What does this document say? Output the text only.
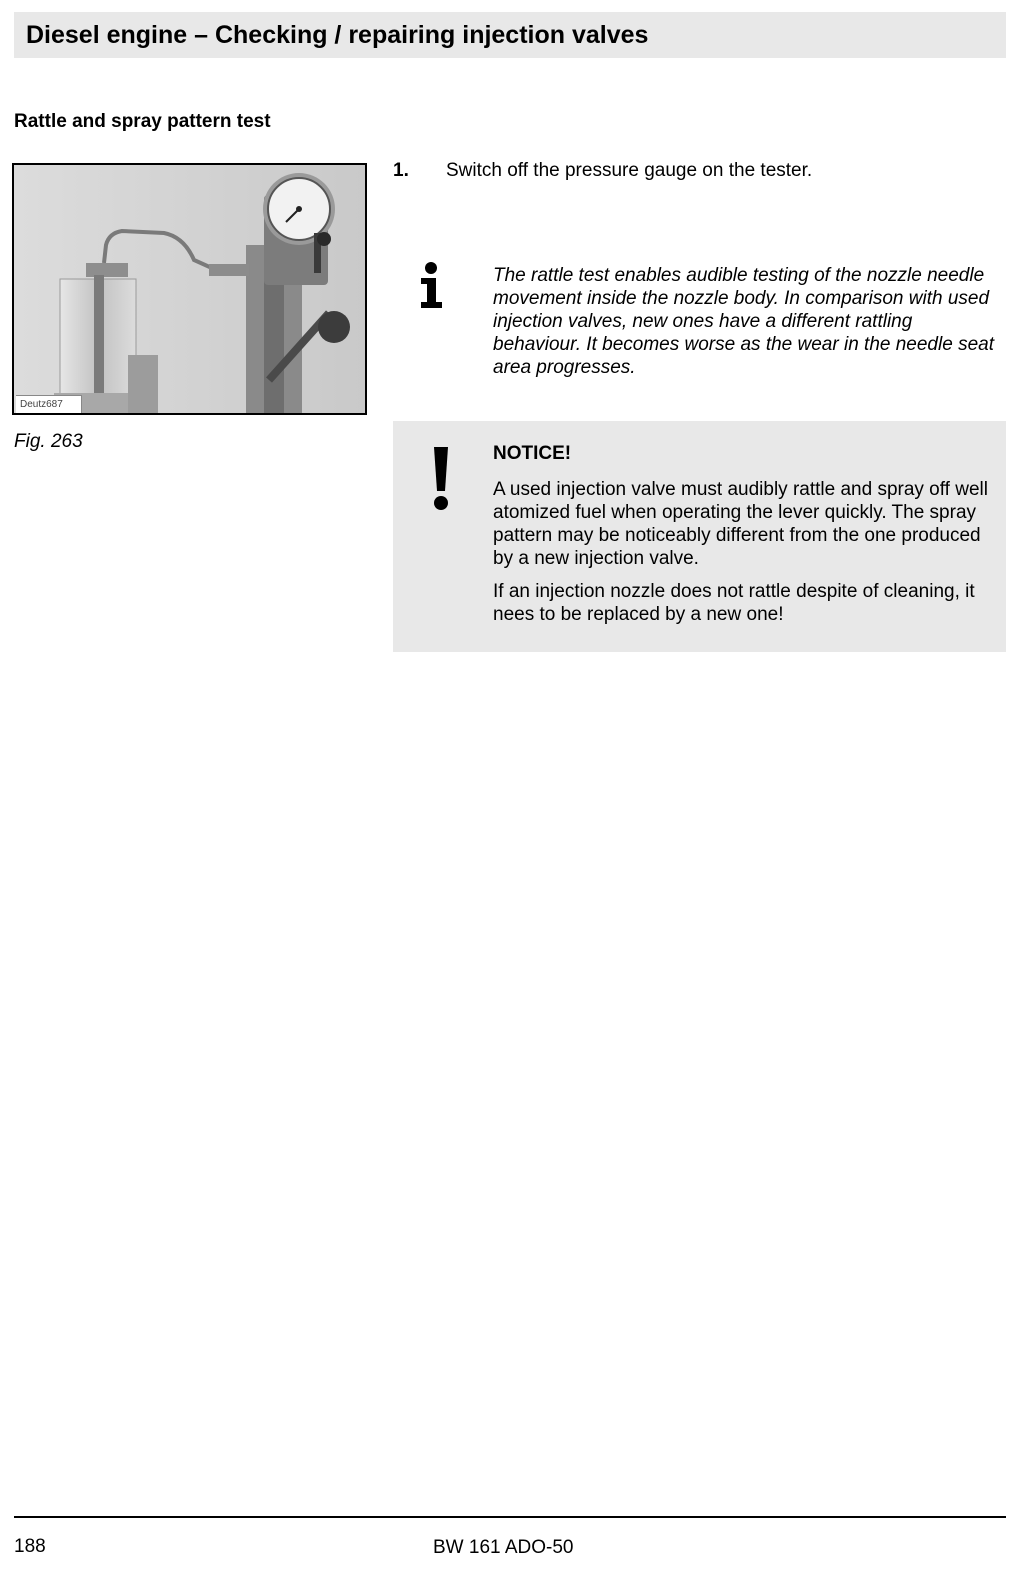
Diesel engine – Checking / repairing injection valves
Rattle and spray pattern test
Deutz687
Fig. 263
1.	Switch off the pressure gauge on the tester.

The rattle test enables audible testing of the nozzle needle movement inside the nozzle body. In comparison with used injection valves, new ones have a different rattling behaviour. It becomes worse as the wear in the needle seat area progresses.

NOTICE!

A used injection valve must audibly rattle and spray off well atomized fuel when operating the lever quickly. The spray pattern may be noticeably different from the one produced by a new injection valve.

If an injection nozzle does not rattle despite of cleaning, it nees to be replaced by a new one!

188	BW 161 ADO-50
